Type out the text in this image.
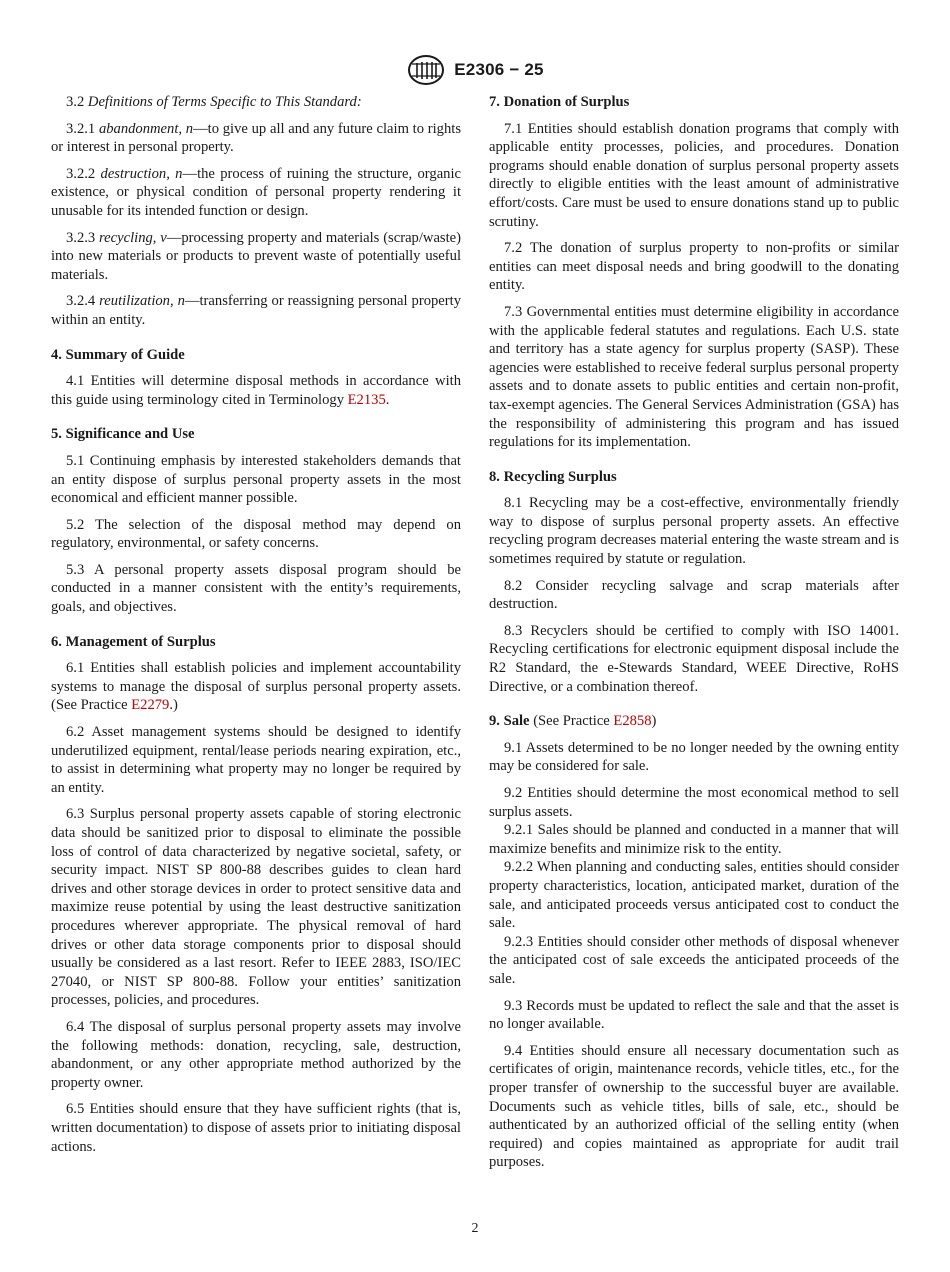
E2306 − 25

3.2 Definitions of Terms Specific to This Standard:

3.2.1 abandonment, n—to give up all and any future claim to rights or interest in personal property.

3.2.2 destruction, n—the process of ruining the structure, organic existence, or physical condition of personal property rendering it unusable for its intended function or design.

3.2.3 recycling, v—processing property and materials (scrap/waste) into new materials or products to prevent waste of potentially useful materials.

3.2.4 reutilization, n—transferring or reassigning personal property within an entity.

4. Summary of Guide

4.1 Entities will determine disposal methods in accordance with this guide using terminology cited in Terminology E2135.

5. Significance and Use

5.1 Continuing emphasis by interested stakeholders demands that an entity dispose of surplus personal property assets in the most economical and efficient manner possible.

5.2 The selection of the disposal method may depend on regulatory, environmental, or safety concerns.

5.3 A personal property assets disposal program should be conducted in a manner consistent with the entity’s requirements, goals, and objectives.

6. Management of Surplus

6.1 Entities shall establish policies and implement accountability systems to manage the disposal of surplus personal property assets. (See Practice E2279.)

6.2 Asset management systems should be designed to identify underutilized equipment, rental/lease periods nearing expiration, etc., to assist in determining what property may no longer be required by an entity.

6.3 Surplus personal property assets capable of storing electronic data should be sanitized prior to disposal to eliminate the possible loss of control of data characterized by negative societal, safety, or security impact. NIST SP 800-88 describes guides to clean hard drives and other storage devices in order to protect sensitive data and maximize reuse potential by using the least destructive sanitization procedures wherever appropriate. The physical removal of hard drives or other data storage components prior to disposal should usually be considered as a last resort. Refer to IEEE 2883, ISO/IEC 27040, or NIST SP 800-88. Follow your entities’ sanitization processes, policies, and procedures.

6.4 The disposal of surplus personal property assets may involve the following methods: donation, recycling, sale, destruction, abandonment, or any other appropriate method authorized by the property owner.

6.5 Entities should ensure that they have sufficient rights (that is, written documentation) to dispose of assets prior to initiating disposal actions.

7. Donation of Surplus

7.1 Entities should establish donation programs that comply with applicable entity processes, policies, and procedures. Donation programs should enable donation of surplus personal property assets directly to eligible entities with the least amount of administrative effort/costs. Care must be used to ensure donations stand up to public scrutiny.

7.2 The donation of surplus property to non-profits or similar entities can meet disposal needs and bring goodwill to the donating entity.

7.3 Governmental entities must determine eligibility in accordance with the applicable federal statutes and regulations. Each U.S. state and territory has a state agency for surplus property (SASP). These agencies were established to receive federal surplus personal property assets and to donate assets to public entities and certain non-profit, tax-exempt agencies. The General Services Administration (GSA) has the responsibility of administering this program and has issued regulations for its implementation.

8. Recycling Surplus

8.1 Recycling may be a cost-effective, environmentally friendly way to dispose of surplus personal property assets. An effective recycling program decreases material entering the waste stream and is sometimes required by statute or regulation.

8.2 Consider recycling salvage and scrap materials after destruction.

8.3 Recyclers should be certified to comply with ISO 14001. Recycling certifications for electronic equipment disposal include the R2 Standard, the e-Stewards Standard, WEEE Directive, RoHS Directive, or a combination thereof.

9. Sale (See Practice E2858)

9.1 Assets determined to be no longer needed by the owning entity may be considered for sale.

9.2 Entities should determine the most economical method to sell surplus assets.

9.2.1 Sales should be planned and conducted in a manner that will maximize benefits and minimize risk to the entity.

9.2.2 When planning and conducting sales, entities should consider property characteristics, location, anticipated market, duration of the sale, and anticipated proceeds versus anticipated cost to conduct the sale.

9.2.3 Entities should consider other methods of disposal whenever the anticipated cost of sale exceeds the anticipated proceeds of the sale.

9.3 Records must be updated to reflect the sale and that the asset is no longer available.

9.4 Entities should ensure all necessary documentation such as certificates of origin, maintenance records, vehicle titles, etc., for the proper transfer of ownership to the successful buyer are available. Documents such as vehicle titles, bills of sale, etc., should be authenticated by an authorized official of the selling entity (when required) and copies maintained as appropriate for audit trail purposes.

2
